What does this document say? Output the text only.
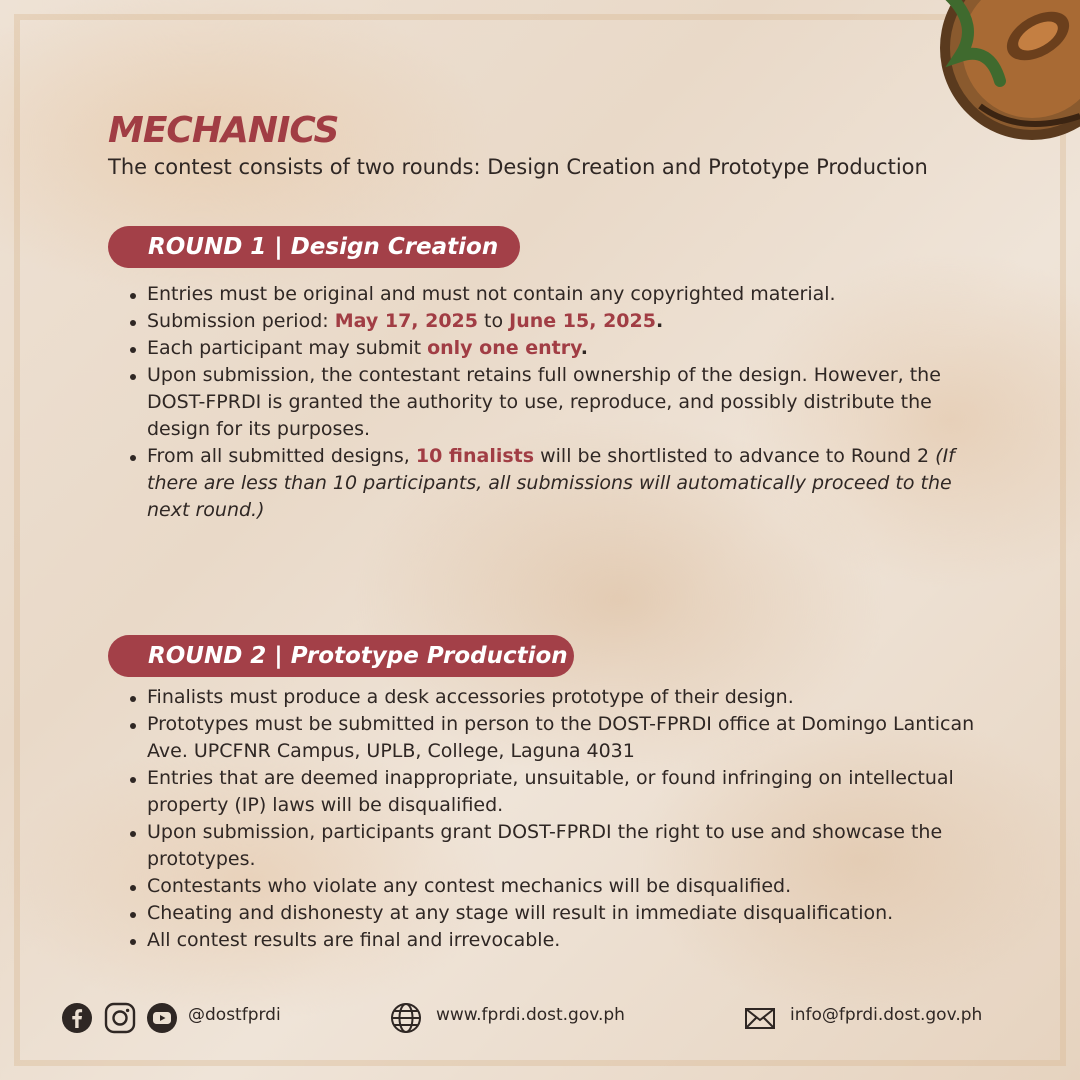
MECHANICS

The contest consists of two rounds: Design Creation and Prototype Production

ROUND 1 | Design Creation
Entries must be original and must not contain any copyrighted material.
Submission period: May 17, 2025 to June 15, 2025.
Each participant may submit only one entry.
Upon submission, the contestant retains full ownership of the design. However, the DOST-FPRDI is granted the authority to use, reproduce, and possibly distribute the design for its purposes.
From all submitted designs, 10 finalists will be shortlisted to advance to Round 2 (If there are less than 10 participants, all submissions will automatically proceed to the next round.)
ROUND 2 | Prototype Production
Finalists must produce a desk accessories prototype of their design.
Prototypes must be submitted in person to the DOST-FPRDI office at Domingo Lantican Ave. UPCFNR Campus, UPLB, College, Laguna 4031
Entries that are deemed inappropriate, unsuitable, or found infringing on intellectual property (IP) laws will be disqualified.
Upon submission, participants grant DOST-FPRDI the right to use and showcase the prototypes.
Contestants who violate any contest mechanics will be disqualified.
Cheating and dishonesty at any stage will result in immediate disqualification.
All contest results are final and irrevocable.
@dostfprdi	www.fprdi.dost.gov.ph	info@fprdi.dost.gov.ph
